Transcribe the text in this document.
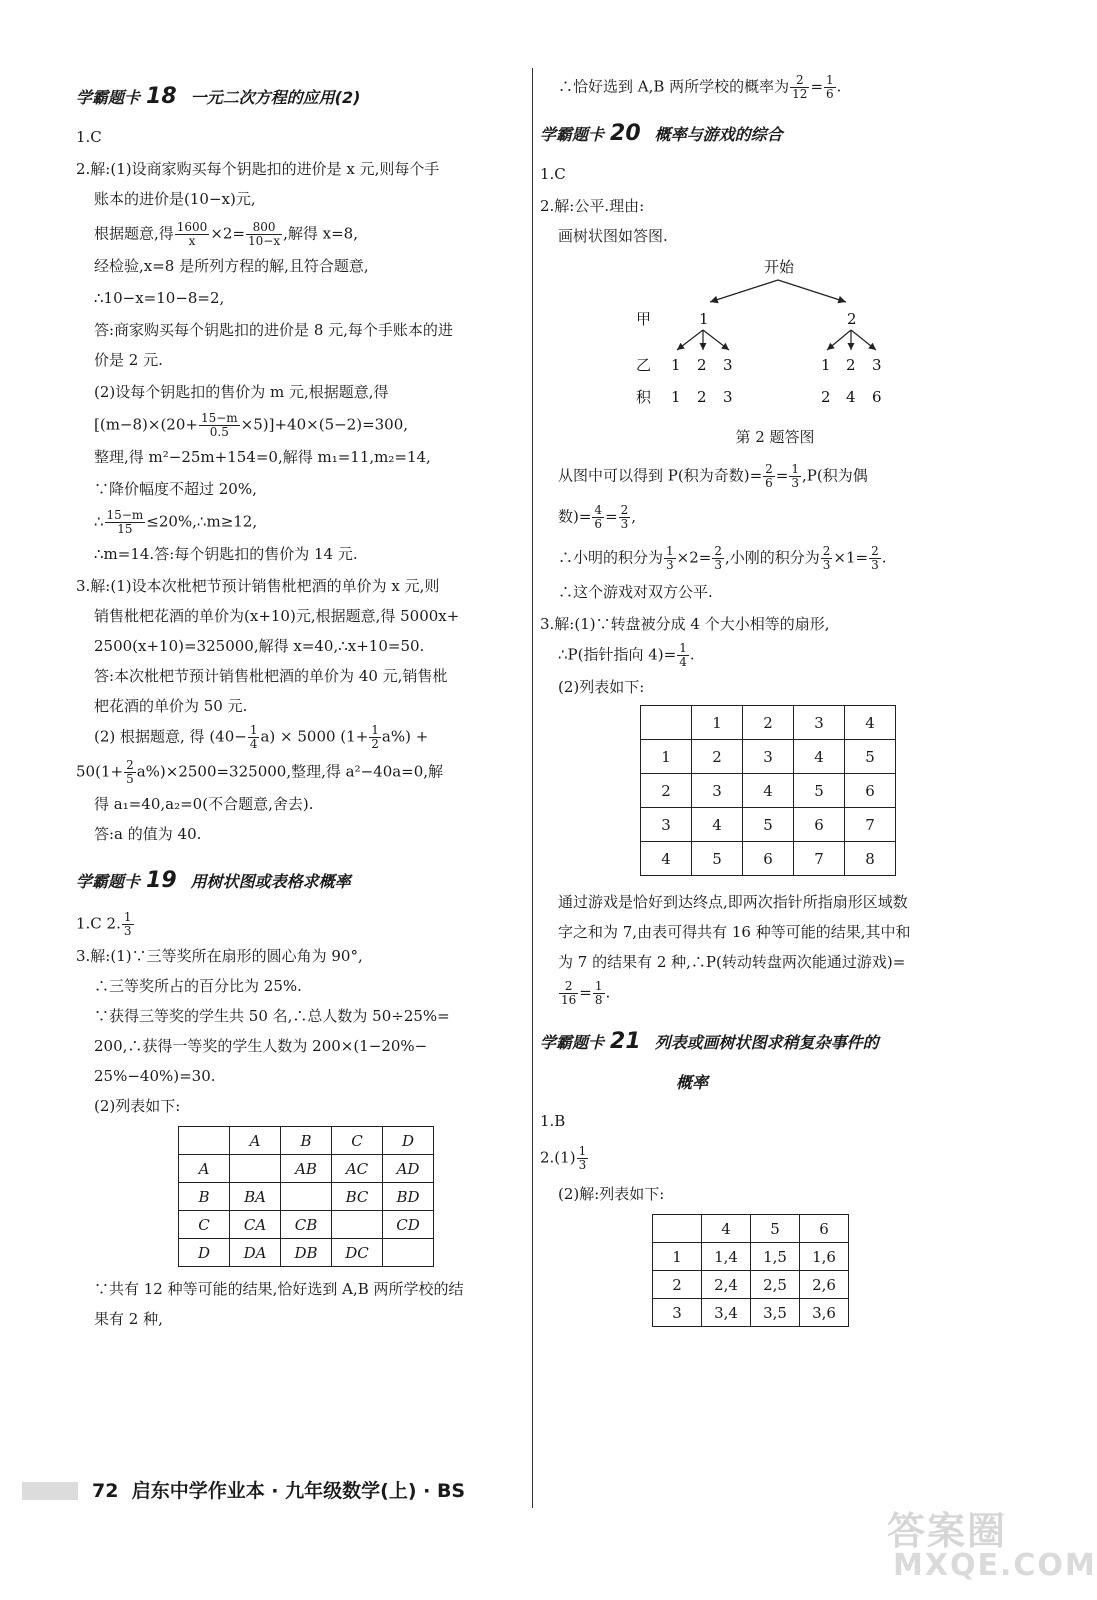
学霸题卡 18 一元二次方程的应用(2)

1.C

2.解:(1)设商家购买每个钥匙扣的进价是 x 元,则每个手

账本的进价是(10−x)元,

根据题意,得 $\frac{1600}{x} \times 2= \frac{800}{10-x}$ ,解得 x=8,

经检验,x=8 是所列方程的解,且符合题意,

∴10−x=10−8=2,

答:商家购买每个钥匙扣的进价是 8 元,每个手账本的进

价是 2 元.

(2)设每个钥匙扣的售价为 m 元,根据题意,得

$[(m-8)\times(20+ \frac{15-m}{0.5} \times 5)]+40\times(5-2)=300$,

整理,得 m²−25m+154=0,解得 m₁=11,m₂=14,

∵降价幅度不超过 20%,

∴ $\frac{15-m}{15}$ ≤20%,∴m≥12,

∴m=14.答:每个钥匙扣的售价为 14 元.

3.解:(1)设本次枇杷节预计销售枇杷酒的单价为 x 元,则

销售枇杷花酒的单价为(x+10)元,根据题意,得 5000x+

2500(x+10)=325000,解得 x=40,∴x+10=50.

答:本次枇杷节预计销售枇杷酒的单价为 40 元,销售枇

杷花酒的单价为 50 元.

(2) 根据题意, 得 $(40- \frac{1}{4} a) \times 5000$ $(1+ \frac{1}{2} a\%)$ +

$50(1+ \frac{2}{5} a\%)\times 2500=325000$,整理,得 a²−40a=0,解

得 a₁=40,a₂=0(不合题意,舍去).

答:a 的值为 40.

学霸题卡 19 用树状图或表格求概率

1.C 2. $\frac{1}{3}$

3.解:(1)∵三等奖所在扇形的圆心角为 90°,

∴三等奖所占的百分比为 25%.

∵获得三等奖的学生共 50 名,∴总人数为 50÷25%=

200,∴获得一等奖的学生人数为 200×(1−20%−

25%−40%)=30.

(2)列表如下:

	A	B	C	D
A		AB	AC	AD
B	BA		BC	BD
C	CA	CB		CD
D	DA	DB	DC	

∵共有 12 种等可能的结果,恰好选到 A,B 两所学校的结

果有 2 种,

∴恰好选到 A,B 两所学校的概率为 $\frac{2}{12} = \frac{1}{6}$ .

学霸题卡 20 概率与游戏的综合

1.C

2.解:公平.理由:

画树状图如答图.

开始
甲	1	2
乙 1 2 3	1 2 3
积 1 2 3	2 4 6

第 2 题答图

从图中可以得到 P(积为奇数)= $\frac{2}{6} = \frac{1}{3} ,P$(积为偶

数)= $\frac{4}{6} = \frac{2}{3}$ ,

∴小明的积分为 $\frac{1}{3} \times 2= \frac{2}{3}$ ,小刚的积分为 $\frac{2}{3} \times 1= \frac{2}{3}$ .

∴这个游戏对双方公平.

3.解:(1)∵转盘被分成 4 个大小相等的扇形,

∴P(指针指向 $4)= \frac{1}{4}$ .

(2)列表如下:

	1	2	3	4
1	2	3	4	5
2	3	4	5	6
3	4	5	6	7
4	5	6	7	8

通过游戏是恰好到达终点,即两次指针所指扇形区域数

字之和为 7,由表可得共有 16 种等可能的结果,其中和

为 7 的结果有 2 种,∴P(转动转盘两次能通过游戏)=

$\frac{2}{16} = \frac{1}{8}$ .

学霸题卡 21 列表或画树状图求稍复杂事件的

概率

1.B

$2.(1) \frac{1}{3}$

(2)解:列表如下:

	4	5	6
1	1,4	1,5	1,6
2	2,4	2,5	2,6
3	3,4	3,5	3,6
72 启东中学作业本 · 九年级数学(上) · BS
答案圈
MXQE.COM
